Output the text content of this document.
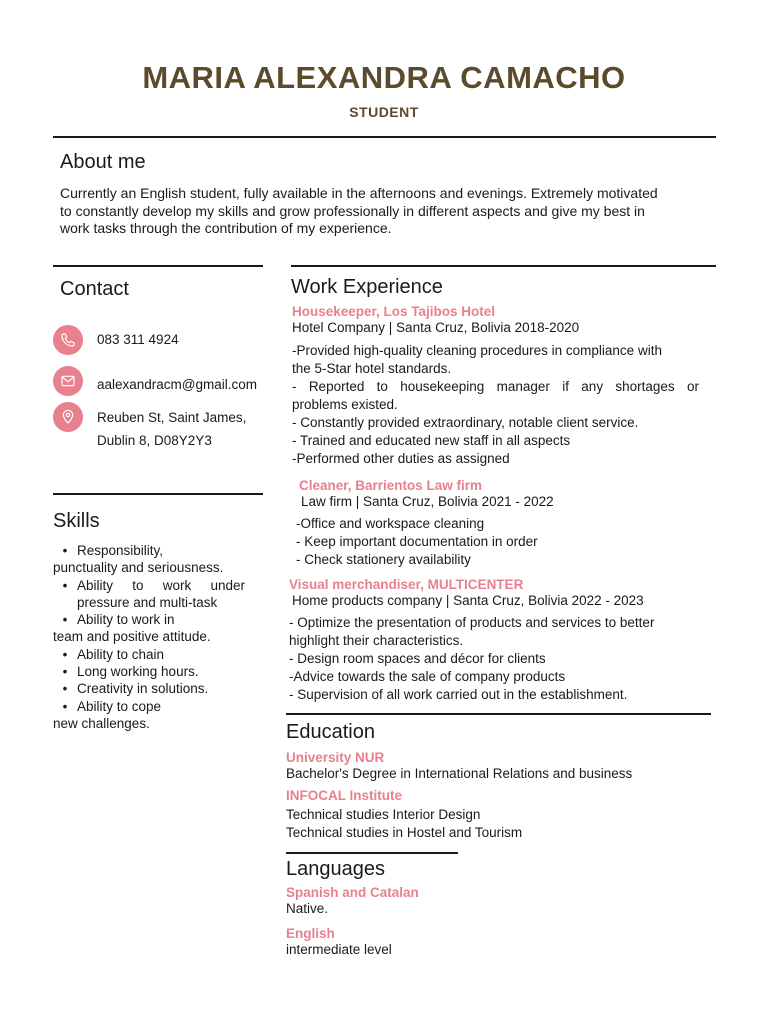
MARIA ALEXANDRA CAMACHO
STUDENT
About me
Currently an English student, fully available in the afternoons and evenings. Extremely motivated
to constantly develop my skills and grow professionally in different aspects and give my best in
work tasks through the contribution of my experience.
Contact
083 311 4924
aalexandracm@gmail.com
Reuben St, Saint James,
Dublin 8, D08Y2Y3
Skills
• Responsibility,
punctuality and seriousness.
• Ability to work under
pressure and multi-task
• Ability to work in
team and positive attitude.
• Ability to chain
• Long working hours.
• Creativity in solutions.
• Ability to cope
new challenges.
Work Experience
Housekeeper, Los Tajibos Hotel
Hotel Company | Santa Cruz, Bolivia 2018-2020
-Provided high-quality cleaning procedures in compliance with
the 5-Star hotel standards.
- Reported to housekeeping manager if any shortages or
problems existed.
- Constantly provided extraordinary, notable client service.
- Trained and educated new staff in all aspects
-Performed other duties as assigned
Cleaner, Barrientos Law firm
Law firm | Santa Cruz, Bolivia 2021 - 2022
-Office and workspace cleaning
- Keep important documentation in order
- Check stationery availability
Visual merchandiser, MULTICENTER
Home products company | Santa Cruz, Bolivia 2022 - 2023
- Optimize the presentation of products and services to better
highlight their characteristics.
- Design room spaces and décor for clients
-Advice towards the sale of company products
- Supervision of all work carried out in the establishment.
Education
University NUR
Bachelor's Degree in International Relations and business
INFOCAL Institute
Technical studies Interior Design
Technical studies in Hostel and Tourism
Languages
Spanish and Catalan
Native.
English
intermediate level
